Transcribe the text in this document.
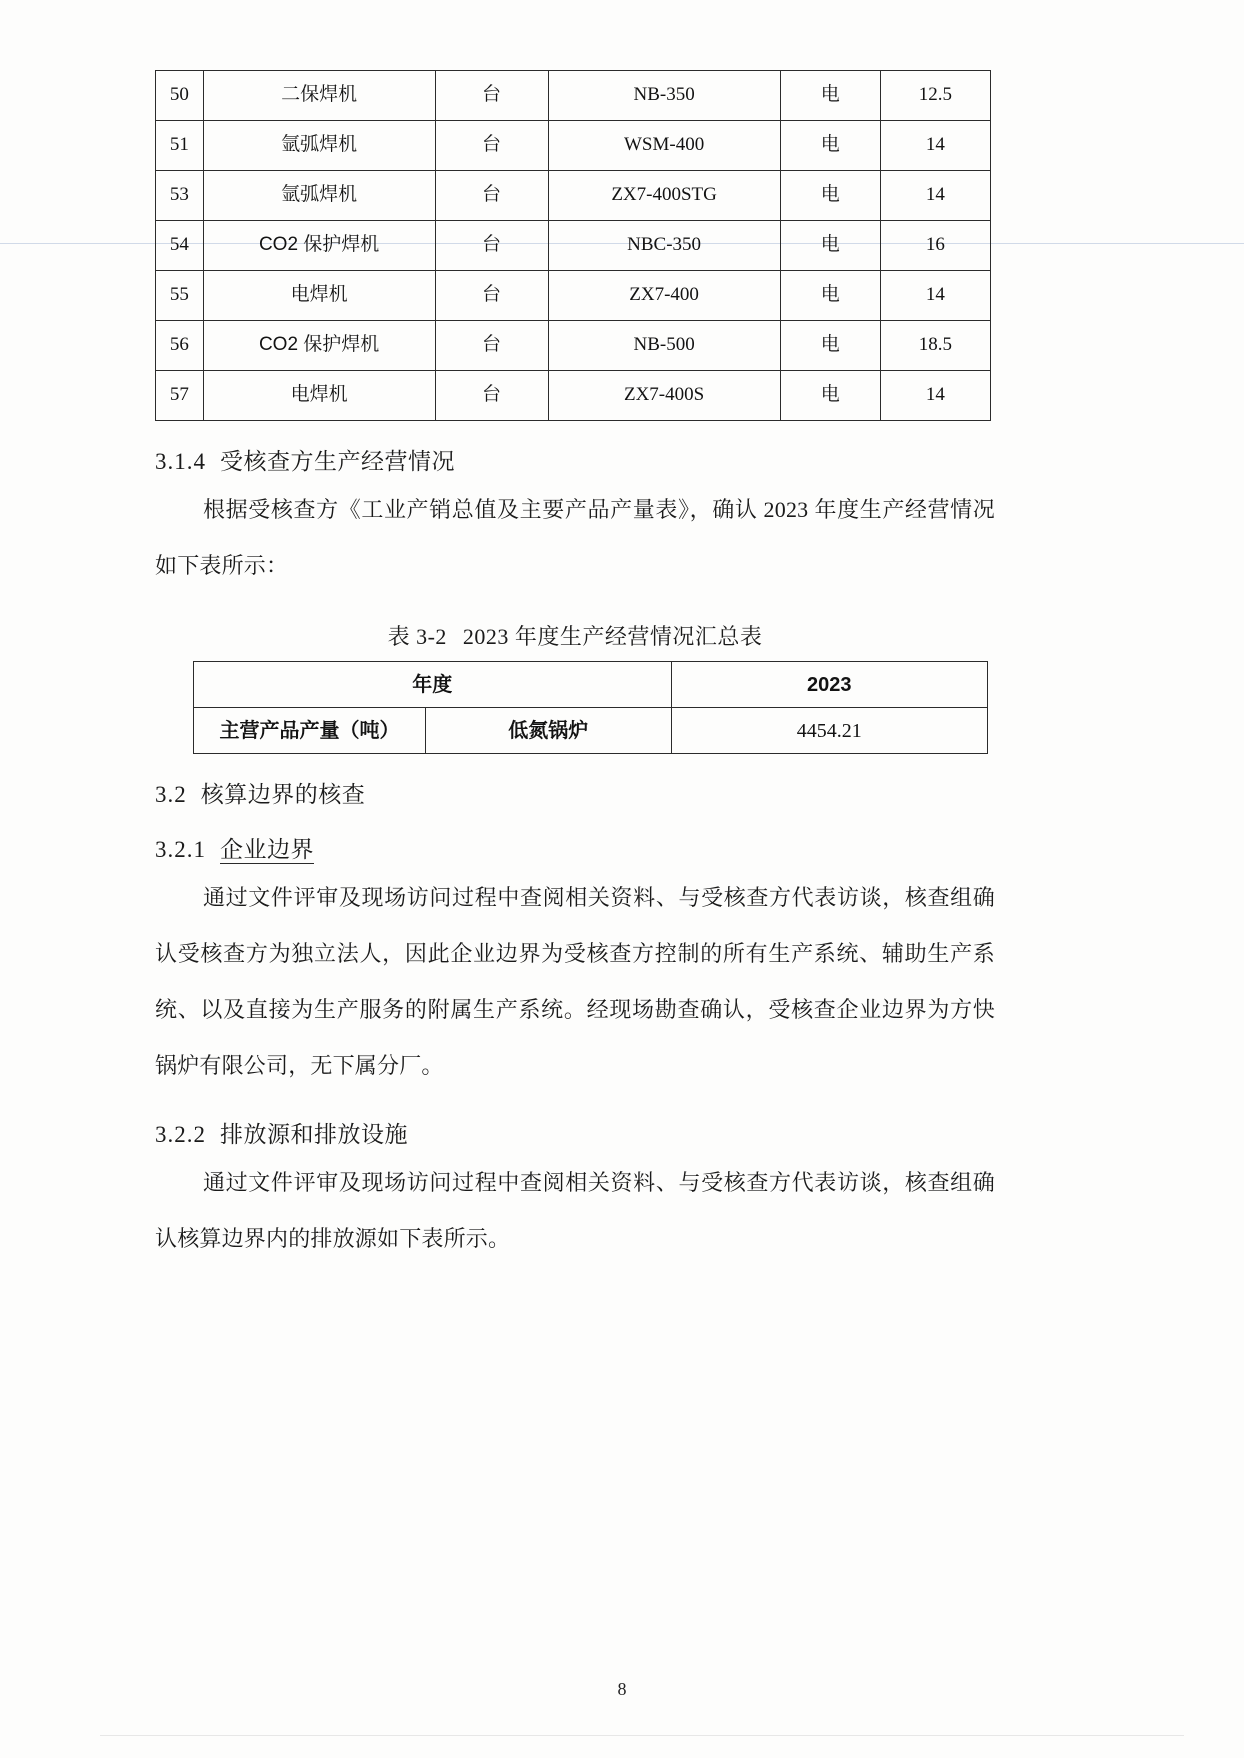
50	二保焊机	台	NB-350	电	12.5
51	氩弧焊机	台	WSM-400	电	14
53	氩弧焊机	台	ZX7-400STG	电	14
54	CO2 保护焊机	台	NBC-350	电	16
55	电焊机	台	ZX7-400	电	14
56	CO2 保护焊机	台	NB-500	电	18.5
57	电焊机	台	ZX7-400S	电	14
3.1.4 受核查方生产经营情况

根据受核查方《工业产销总值及主要产品产量表》，确认 2023 年度生产经营情况如下表所示：

表 3-2 2023 年度生产经营情况汇总表
年度		2023
主营产品产量（吨）	低氮锅炉	4454.21
3.2 核算边界的核查
3.2.1 企业边界

通过文件评审及现场访问过程中查阅相关资料、与受核查方代表访谈，核查组确认受核查方为独立法人，因此企业边界为受核查方控制的所有生产系统、辅助生产系统、以及直接为生产服务的附属生产系统。经现场勘查确认，受核查企业边界为方快锅炉有限公司，无下属分厂。

3.2.2 排放源和排放设施

通过文件评审及现场访问过程中查阅相关资料、与受核查方代表访谈，核查组确认核算边界内的排放源如下表所示。

8
